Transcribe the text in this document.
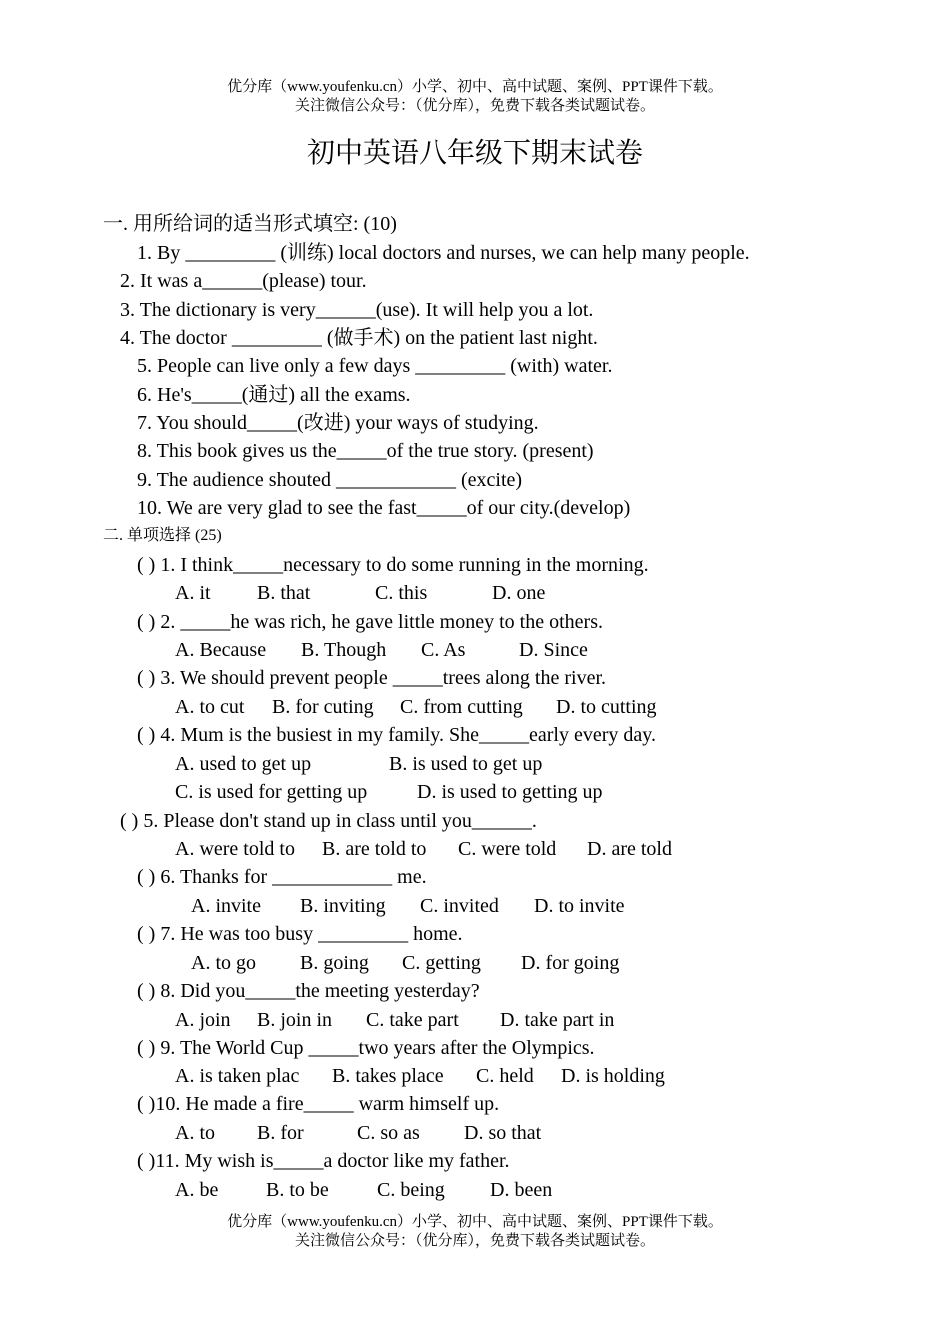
优分库（www.youfenku.cn）小学、初中、高中试题、案例、PPT课件下载。
关注微信公众号：（优分库），免费下载各类试题试卷。
初中英语八年级下期末试卷
一. 用所给词的适当形式填空: (10)
1. By _________ (训练) local doctors and nurses, we can help many people.
2. It was a______(please) tour.
3. The dictionary is very______(use). It will help you a lot.
4. The doctor _________ (做手术) on the patient last night.
5. People can live only a few days _________ (with) water.
6. He's_____(通过) all the exams.
7. You should_____(改进) your ways of studying.
8. This book gives us the_____of the true story. (present)
9. The audience shouted ____________ (excite)
10. We are very glad to see the fast_____of our city.(develop)
二. 单项选择 (25)
( ) 1. I think_____necessary to do some running in the morning.
A. it B. that	C. this	D. one
( ) 2. _____he was rich, he gave little money to the others.
A. Because B. Though C. As	D. Since
( ) 3. We should prevent people _____trees along the river.
A. to cut B. for cuting C. from cutting D. to cutting
( ) 4. Mum is the busiest in my family. She_____early every day.
A. used to get up	B. is used to get up
C. is used for getting up D. is used to getting up
( ) 5. Please don't stand up in class until you______.
A. were told to B. are told to C. were told D. are told
( ) 6. Thanks for ____________ me.
A. invite B. inviting C. invited D. to invite
( ) 7. He was too busy _________ home.
A. to go B. going C. getting D. for going
( ) 8. Did you_____the meeting yesterday?
A. join B. join in C. take part D. take part in
( ) 9. The World Cup _____two years after the Olympics.
A. is taken plac B. takes place C. held D. is holding
( )10. He made a fire_____ warm himself up.
A. to B. for	C. so as D. so that
( )11. My wish is_____a doctor like my father.
A. be B. to be C. being D. been
优分库（www.youfenku.cn）小学、初中、高中试题、案例、PPT课件下载。
关注微信公众号：（优分库），免费下载各类试题试卷。
